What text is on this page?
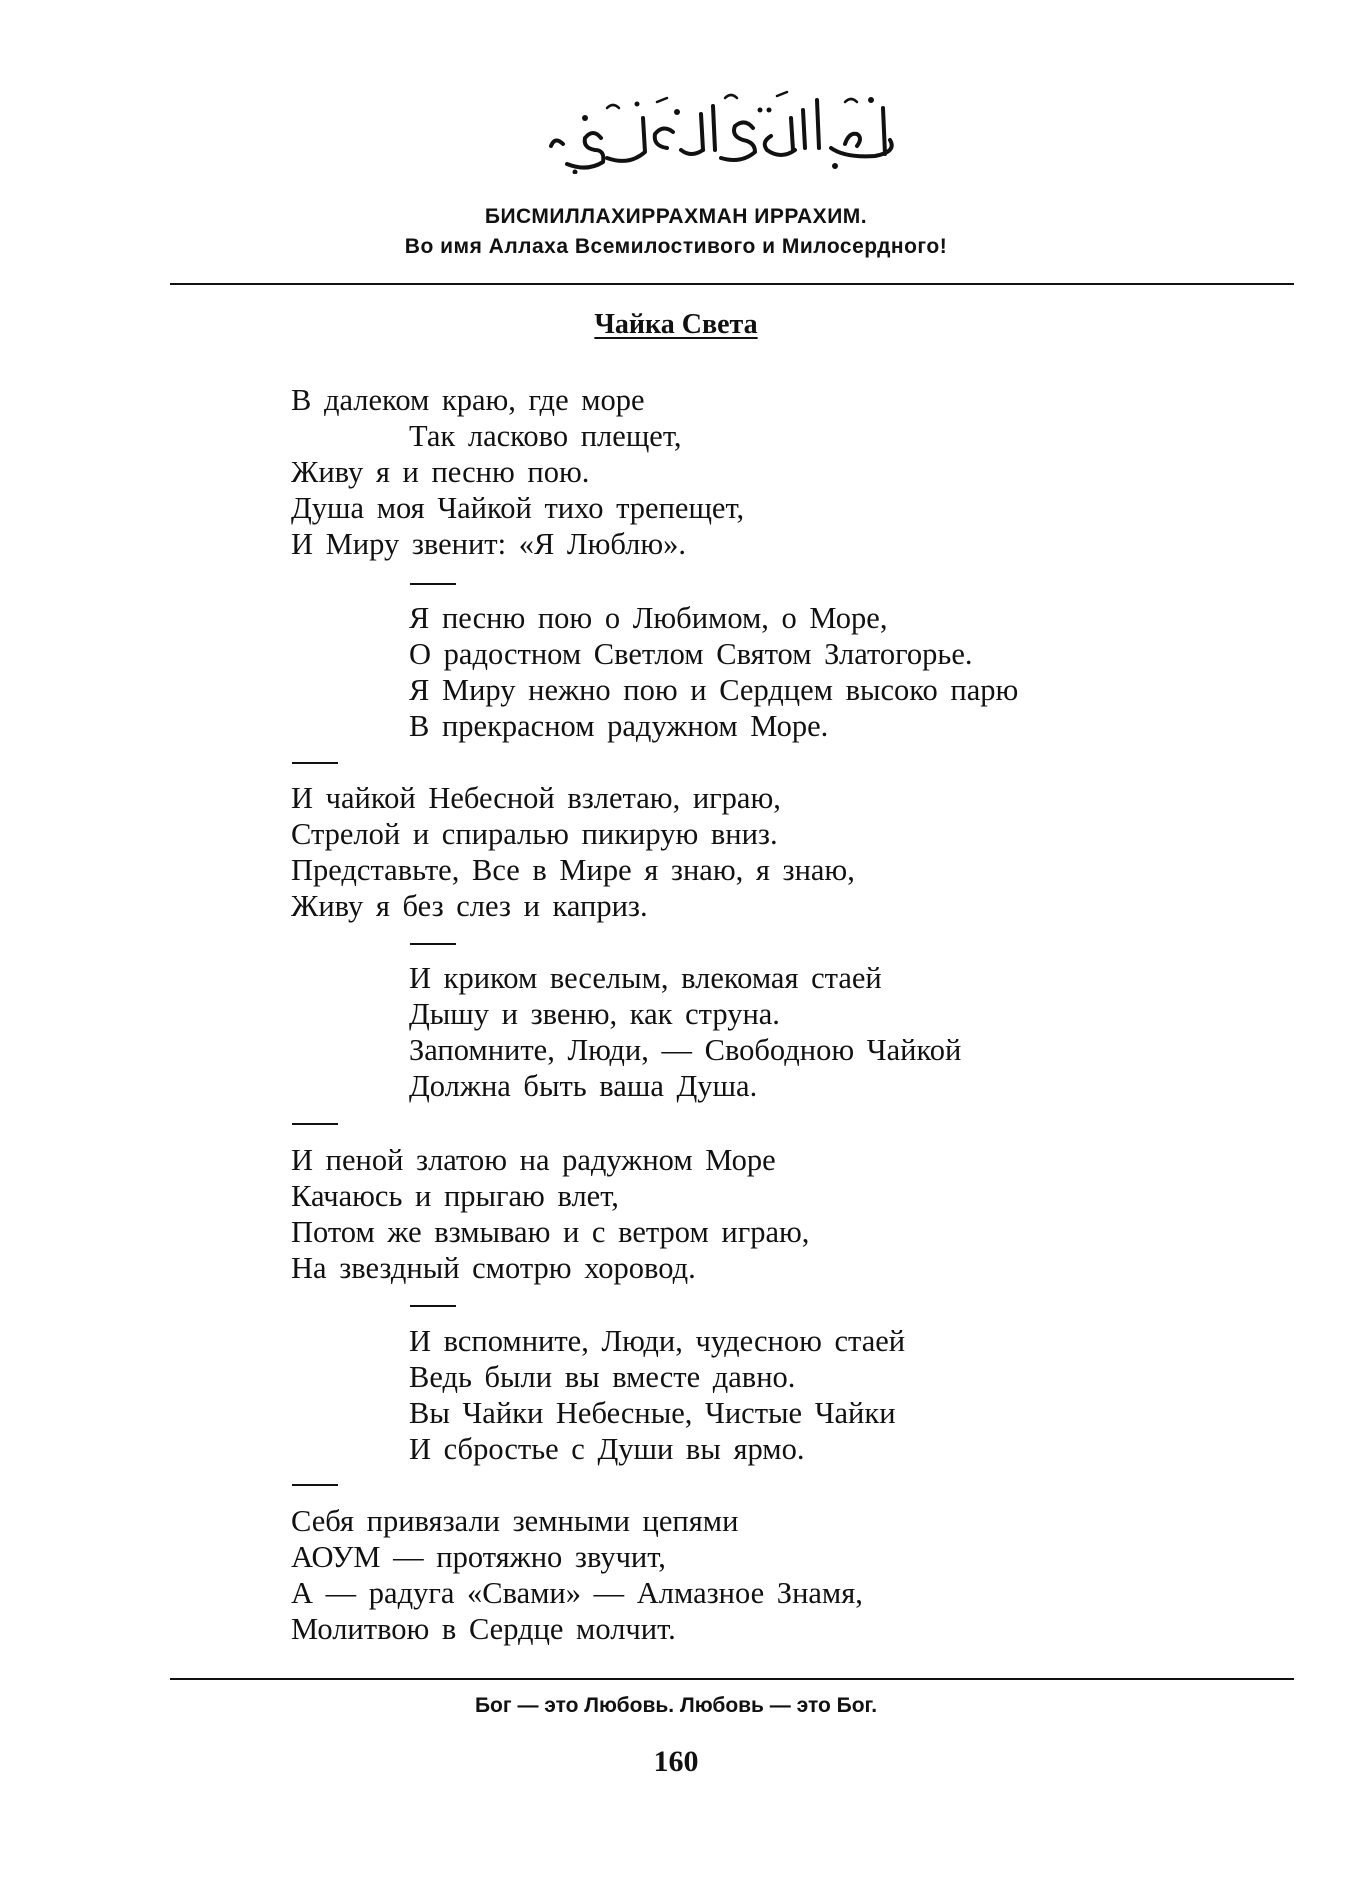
БИСМИЛЛАХИРРАХМАН ИРРАХИМ.
Во имя Аллаха Всемилостивого и Милосердного!
Чайка Света
В далеком краю, где море
Так ласково плещет,
Живу я и песню пою.
Душа моя Чайкой тихо трепещет,
И Миру звенит: «Я Люблю».
Я песню пою о Любимом, о Море,
О радостном Светлом Святом Златогорье.
Я Миру нежно пою и Сердцем высоко парю
В прекрасном радужном Море.
И чайкой Небесной взлетаю, играю,
Стрелой и спиралью пикирую вниз.
Представьте, Все в Мире я знаю, я знаю,
Живу я без слез и каприз.
И криком веселым, влекомая стаей
Дышу и звеню, как струна.
Запомните, Люди, — Свободною Чайкой
Должна быть ваша Душа.
И пеной златою на радужном Море
Качаюсь и прыгаю влет,
Потом же взмываю и с ветром играю,
На звездный смотрю хоровод.
И вспомните, Люди, чудесною стаей
Ведь были вы вместе давно.
Вы Чайки Небесные, Чистые Чайки
И сбростье с Души вы ярмо.
Себя привязали земными цепями
АОУМ — протяжно звучит,
А — радуга «Свами» — Алмазное Знамя,
Молитвою в Сердце молчит.
Бог — это Любовь. Любовь — это Бог.
160
